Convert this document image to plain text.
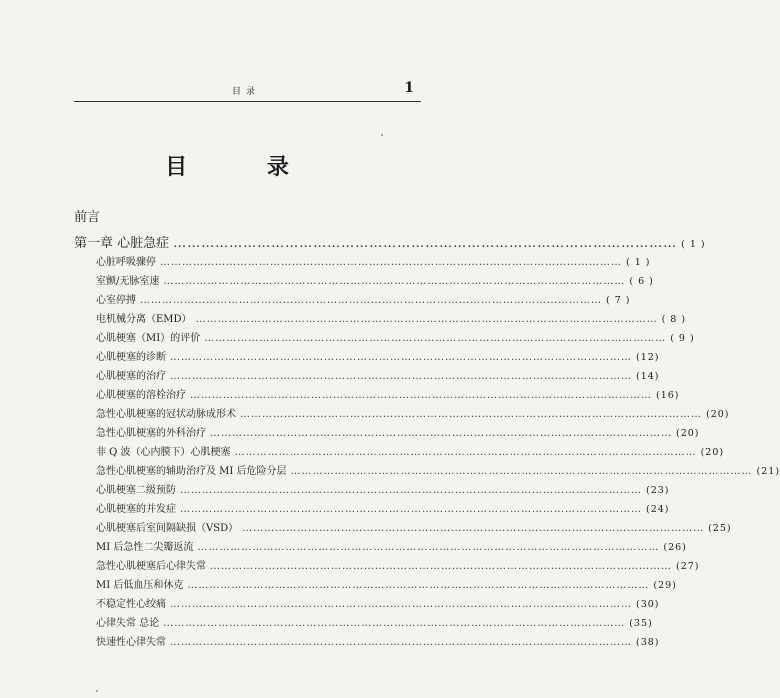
目 录	1
目 录
前言
第一章 心脏急症 ……………………………………………………………………………………………… ( 1 )
心脏呼吸骤停 ……………………………………………………………………………………………………………… ( 1 )
室颤/无脉室速 ……………………………………………………………………………………………………………… ( 6 )
心室停搏 ……………………………………………………………………………………………………………… ( 7 )
电机械分离（EMD） ……………………………………………………………………………………………………………… ( 8 )
心肌梗塞（MI）的评价 ……………………………………………………………………………………………………………… ( 9 )
心肌梗塞的诊断 ……………………………………………………………………………………………………………… (12)
心肌梗塞的治疗 ……………………………………………………………………………………………………………… (14)
心肌梗塞的溶栓治疗 ……………………………………………………………………………………………………………… (16)
急性心肌梗塞的冠状动脉成形术 ……………………………………………………………………………………………………………… (20)
急性心肌梗塞的外科治疗 ……………………………………………………………………………………………………………… (20)
非 Q 波（心内膜下）心肌梗塞 ……………………………………………………………………………………………………………… (20)
急性心肌梗塞的辅助治疗及 MI 后危险分层 ……………………………………………………………………………………………………………… (21)
心肌梗塞二级预防 ……………………………………………………………………………………………………………… (23)
心肌梗塞的并发症 ……………………………………………………………………………………………………………… (24)
心肌梗塞后室间隔缺损（VSD） ……………………………………………………………………………………………………………… (25)
MI 后急性二尖瓣返流 ……………………………………………………………………………………………………………… (26)
急性心肌梗塞后心律失常 ……………………………………………………………………………………………………………… (27)
MI 后低血压和休克 ……………………………………………………………………………………………………………… (29)
不稳定性心绞痛 ……………………………………………………………………………………………………………… (30)
心律失常 总论 ……………………………………………………………………………………………………………… (35)
快速性心律失常 ……………………………………………………………………………………………………………… (38)
